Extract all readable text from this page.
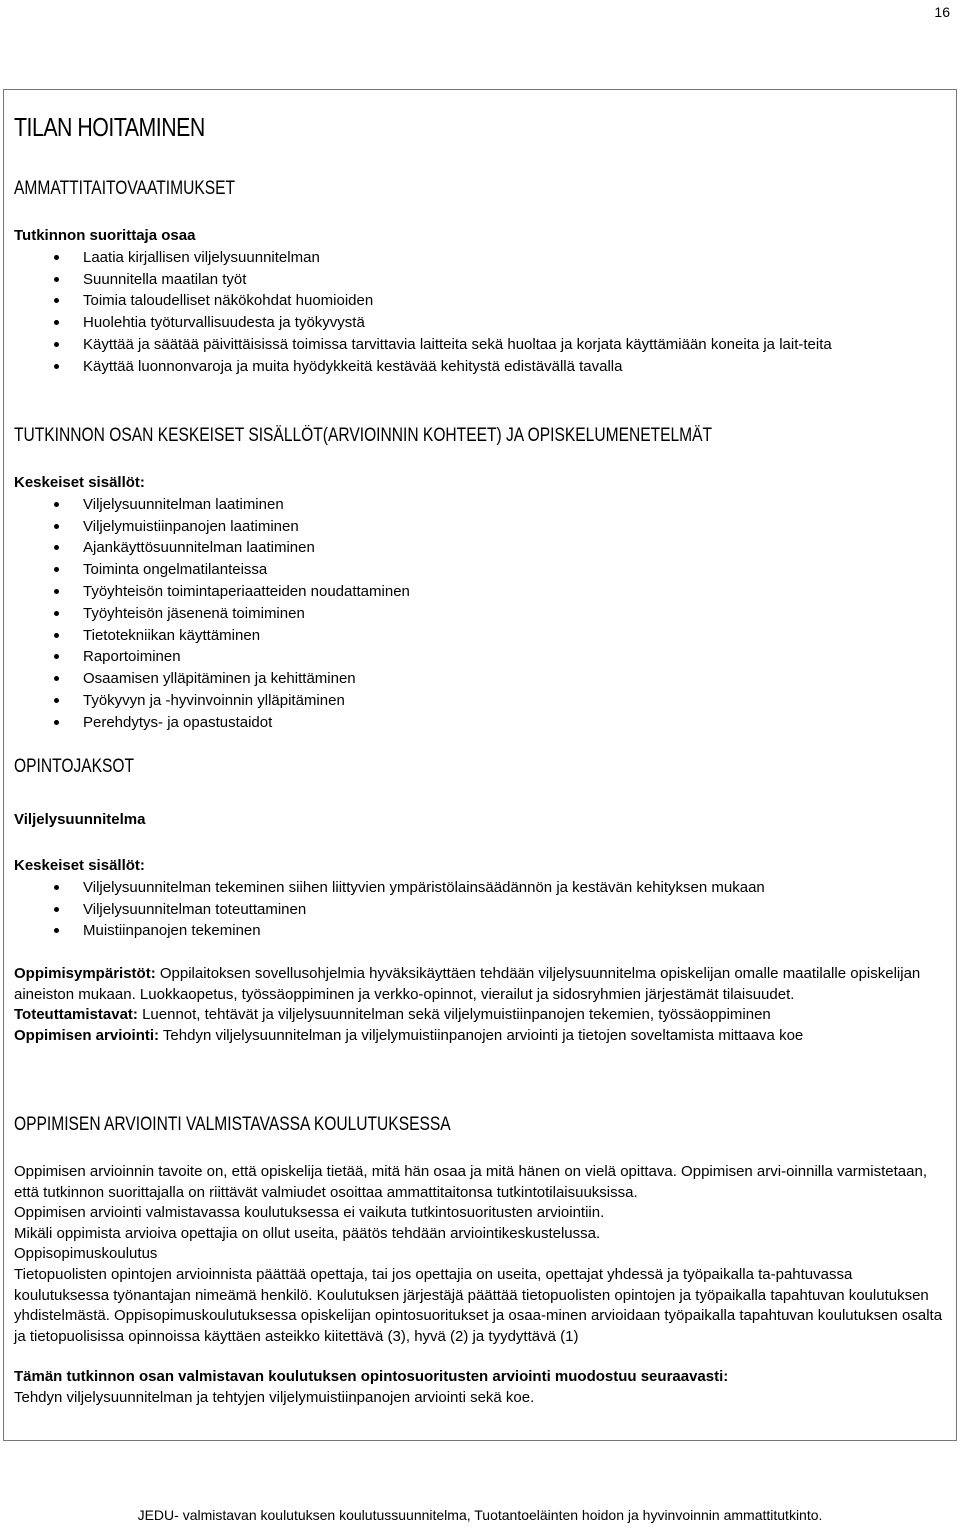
16
TILAN HOITAMINEN
AMMATTITAITOVAATIMUKSET
Tutkinnon suorittaja osaa
Laatia kirjallisen viljelysuunnitelman
Suunnitella maatilan työt
Toimia taloudelliset näkökohdat huomioiden
Huolehtia työturvallisuudesta ja työkyvystä
Käyttää ja säätää päivittäisissä toimissa tarvittavia laitteita sekä huoltaa ja korjata käyttämiään koneita ja lait-teita
Käyttää luonnonvaroja ja muita hyödykkeitä kestävää kehitystä edistävällä tavalla
TUTKINNON OSAN KESKEISET SISÄLLÖT(ARVIOINNIN KOHTEET) JA OPISKELUMENETELMÄT
Keskeiset sisällöt:
Viljelysuunnitelman laatiminen
Viljelymuistiinpanojen laatiminen
Ajankäyttösuunnitelman laatiminen
Toiminta ongelmatilanteissa
Työyhteisön toimintaperiaatteiden noudattaminen
Työyhteisön jäsenenä toimiminen
Tietotekniikan käyttäminen
Raportoiminen
Osaamisen ylläpitäminen ja kehittäminen
Työkyvyn ja -hyvinvoinnin ylläpitäminen
Perehdytys- ja opastustaidot
OPINTOJAKSOT
Viljelysuunnitelma
Keskeiset sisällöt:
Viljelysuunnitelman tekeminen siihen liittyvien ympäristölainsäädännön ja kestävän kehityksen mukaan
Viljelysuunnitelman toteuttaminen
Muistiinpanojen tekeminen

Oppimisympäristöt: Oppilaitoksen sovellusohjelmia hyväksikäyttäen tehdään viljelysuunnitelma opiskelijan omalle maatilalle opiskelijan aineiston mukaan. Luokkaopetus, työssäoppiminen ja verkko-opinnot, vierailut ja sidosryhmien järjestämät tilaisuudet.

Toteuttamistavat: Luennot, tehtävät ja viljelysuunnitelman sekä viljelymuistiinpanojen tekemien, työssäoppiminen

Oppimisen arviointi: Tehdyn viljelysuunnitelman ja viljelymuistiinpanojen arviointi ja tietojen soveltamista mittaava koe

OPPIMISEN ARVIOINTI VALMISTAVASSA KOULUTUKSESSA

Oppimisen arvioinnin tavoite on, että opiskelija tietää, mitä hän osaa ja mitä hänen on vielä opittava. Oppimisen arvi-oinnilla varmistetaan, että tutkinnon suorittajalla on riittävät valmiudet osoittaa ammattitaitonsa tutkintotilaisuuksissa.

Oppimisen arviointi valmistavassa koulutuksessa ei vaikuta tutkintosuoritusten arviointiin.

Mikäli oppimista arvioiva opettajia on ollut useita, päätös tehdään arviointikeskustelussa.

Oppisopimuskoulutus

Tietopuolisten opintojen arvioinnista päättää opettaja, tai jos opettajia on useita, opettajat yhdessä ja työpaikalla ta-pahtuvassa koulutuksessa työnantajan nimeämä henkilö. Koulutuksen järjestäjä päättää tietopuolisten opintojen ja työpaikalla tapahtuvan koulutuksen yhdistelmästä. Oppisopimuskoulutuksessa opiskelijan opintosuoritukset ja osaa-minen arvioidaan työpaikalla tapahtuvan koulutuksen osalta ja tietopuolisissa opinnoissa käyttäen asteikko kiitettävä (3), hyvä (2) ja tyydyttävä (1)

Tämän tutkinnon osan valmistavan koulutuksen opintosuoritusten arviointi muodostuu seuraavasti:

Tehdyn viljelysuunnitelman ja tehtyjen viljelymuistiinpanojen arviointi sekä koe.

JEDU- valmistavan koulutuksen koulutussuunnitelma, Tuotantoeläinten hoidon ja hyvinvoinnin ammattitutkinto.
